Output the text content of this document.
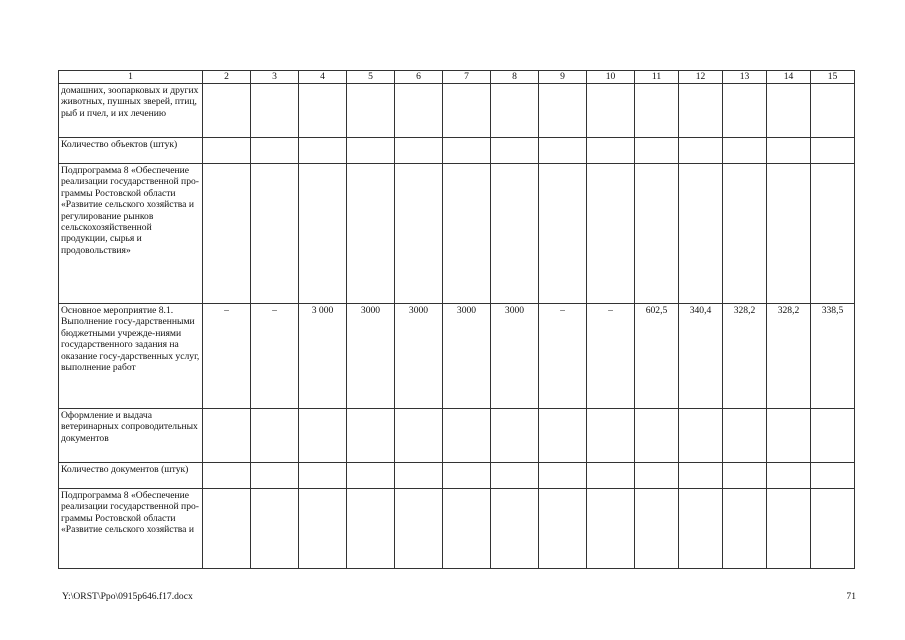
1	2	3	4	5	6	7	8	9	10	11	12	13	14	15
домашних, зоопарковых и других животных, пушных зверей, птиц, рыб и пчел, и их лечению														
Количество объектов (штук)														
Подпрограмма 8 «Обеспечение реализации государственной про-граммы Ростовской области «Развитие сельского хозяйства и регулирование рынков сельскохозяйственной продукции, сырья и продовольствия»														
Основное мероприятие 8.1. Выполнение госу-дарственными бюджетными учрежде-ниями государственного задания на оказание госу-дарственных услуг, выполнение работ	–	–	3 000	3000	3000	3000	3000	–	–	602,5	340,4	328,2	328,2	338,5
Оформление и выдача ветеринарных сопроводительных документов														
Количество документов (штук)														
Подпрограмма 8 «Обеспечение реализации государственной про-граммы Ростовской области «Развитие сельского хозяйства и														
Y:\ORST\Ppo\0915p646.f17.docx	71
